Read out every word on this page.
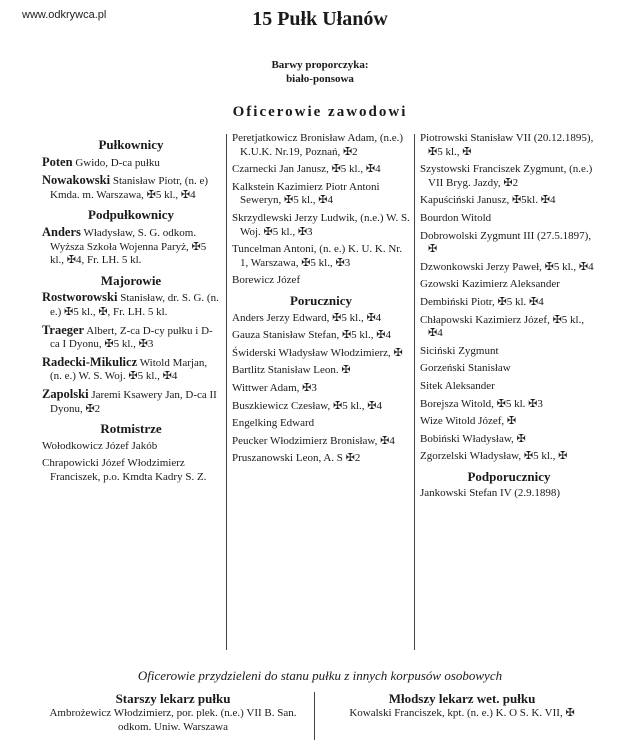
www.odkrywca.pl	15 Pułk Ułanów
Barwy proporczyka:
biało-ponsowa
Oficerowie zawodowi
Pułkownicy
Poten Gwido, D-ca pułku
Nowakowski Stanisław Piotr, (n. e) Kmda. m. Warszawa, ✠5 kl., ✠4
Podpułkownicy
Anders Władysław, S. G. odkom. Wyższa Szkoła Wojenna Paryż, ✠5 kl., ✠4, Fr. LH. 5 kl.
Majorowie
Rostworowski Stanisław, dr. S. G. (n. e.) ✠5 kl., ✠, Fr. LH. 5 kl.
Traeger Albert, Z-ca D-cy pułku i D-ca I Dyonu, ✠5 kl., ✠3
Radecki-Mikulicz Witold Marjan, (n. e.) W. S. Woj. ✠5 kl., ✠4
Zapolski Jaremi Ksawery Jan, D-ca II Dyonu, ✠2
Rotmistrze
Wołodkowicz Józef Jakób
Chrapowicki Józef Włodzimierz Franciszek, p.o. Kmdta Kadry S. Z.
Peretjatkowicz Bronisław Adam, (n.e.) K.U.K. Nr.19, Poznań, ✠2
Czarnecki Jan Janusz, ✠5 kl., ✠4
Kalkstein Kazimierz Piotr Antoni Seweryn, ✠5 kl., ✠4
Skrzydlewski Jerzy Ludwik, (n.e.) W. S. Woj. ✠5 kl., ✠3
Tuncelman Antoni, (n. e.) K. U. K. Nr. 1, Warszawa, ✠5 kl., ✠3
Borewicz Józef
Porucznicy
Anders Jerzy Edward, ✠5 kl., ✠4
Gauza Stanisław Stefan, ✠5 kl., ✠4
Świderski Władysław Włodzimierz, ✠
Bartlitz Stanisław Leon. ✠
Wittwer Adam, ✠3
Buszkiewicz Czesław, ✠5 kl., ✠4
Engelking Edward
Peucker Włodzimierz Bronisław, ✠4
Pruszanowski Leon, A. S ✠2
Piotrowski Stanisław VII (20.12.1895), ✠5 kl., ✠
Szystowski Franciszek Zygmunt, (n.e.) VII Bryg. Jazdy, ✠2
Kapuściński Janusz, ✠5kl. ✠4
Bourdon Witold
Dobrowolski Zygmunt III (27.5.1897), ✠
Dzwonkowski Jerzy Paweł, ✠5 kl., ✠4
Gzowski Kazimierz Aleksander
Dembiński Piotr, ✠5 kl. ✠4
Chłapowski Kazimierz Józef, ✠5 kl., ✠4
Siciński Zygmunt
Gorzeński Stanisław
Sitek Aleksander
Borejsza Witold, ✠5 kl. ✠3
Wize Witold Józef, ✠
Bobiński Władysław, ✠
Zgorzelski Władysław, ✠5 kl., ✠
Podporucznicy
Jankowski Stefan IV (2.9.1898)
Oficerowie przydzieleni do stanu pułku z innych korpusów osobowych
Starszy lekarz pułku
Ambrożewicz Włodzimierz, por. plek. (n.e.) VII B. San. odkom. Uniw. Warszawa
Młodszy lekarz wet. pułku
Kowalski Franciszek, kpt. (n. e.) K. O S. K. VII, ✠
